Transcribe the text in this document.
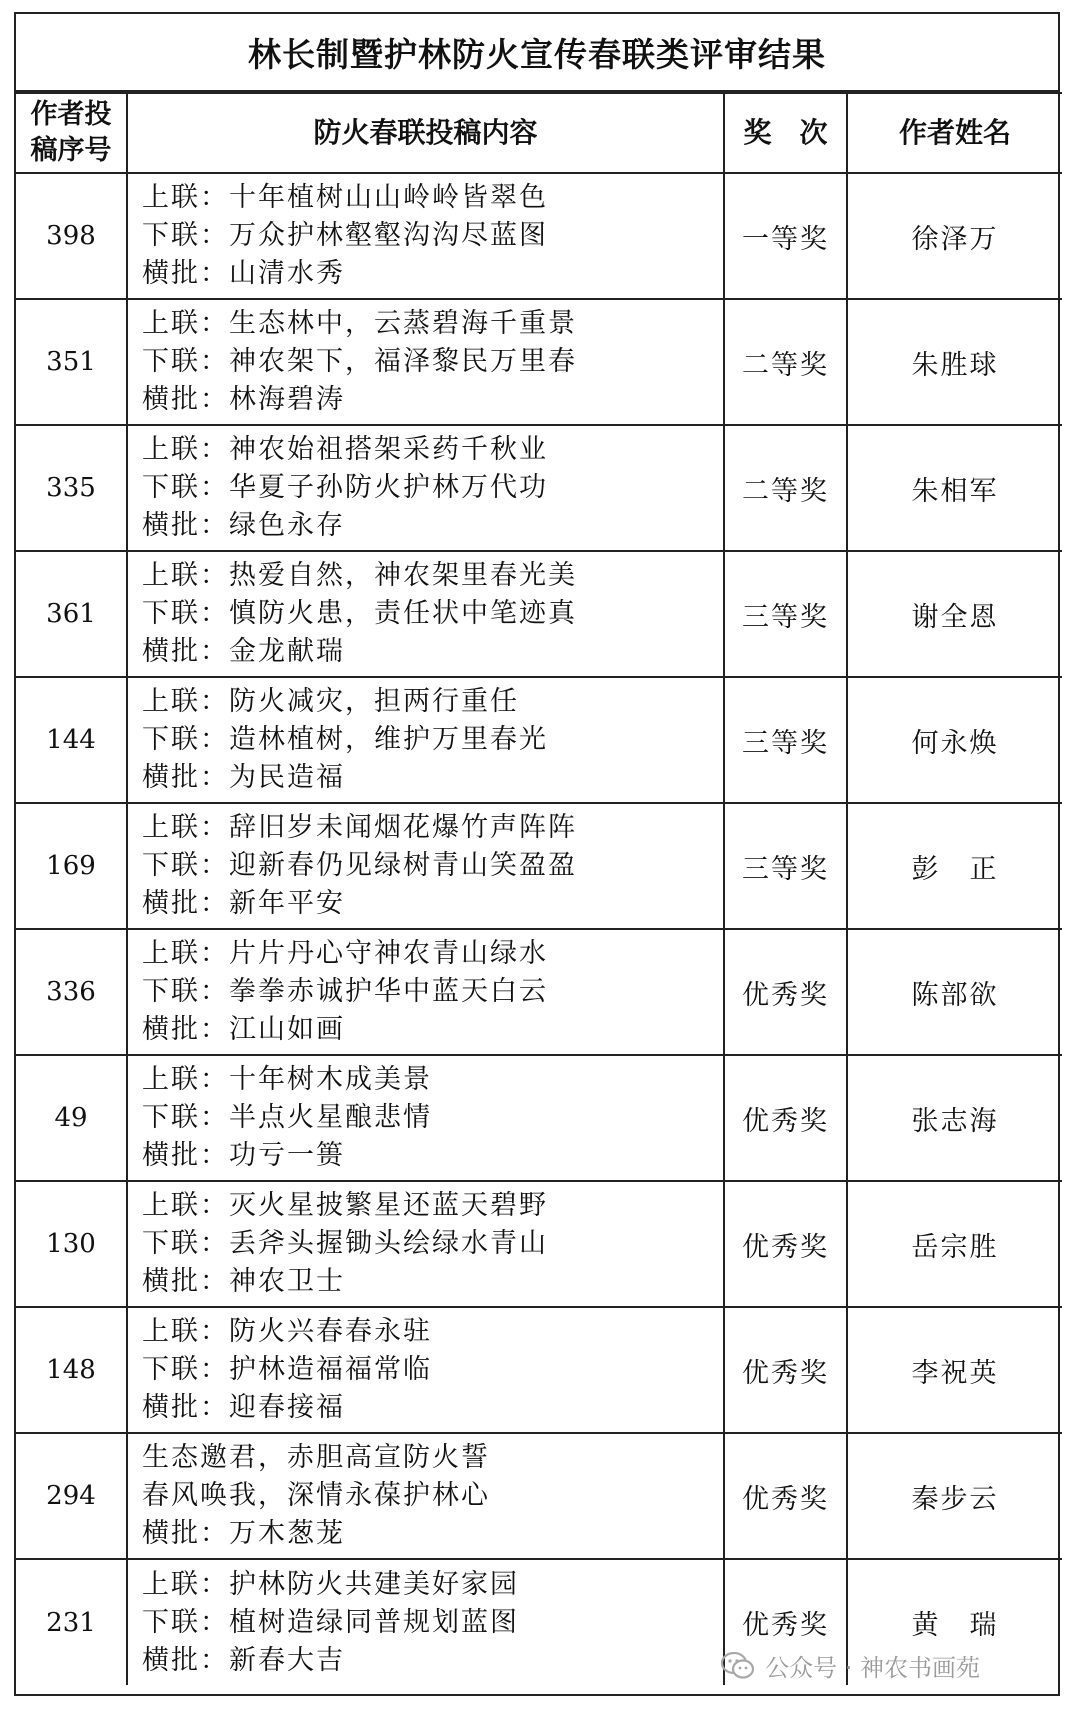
林长制暨护林防火宣传春联类评审结果
作者投
稿序号	防火春联投稿内容	奖　次	作者姓名
398	上联：十年植树山山岭岭皆翠色
下联：万众护林壑壑沟沟尽蓝图
横批：山清水秀	一等奖	徐泽万
351	上联：生态林中，云蒸碧海千重景
下联：神农架下，福泽黎民万里春
横批：林海碧涛	二等奖	朱胜球
335	上联：神农始祖搭架采药千秋业
下联：华夏子孙防火护林万代功
横批：绿色永存	二等奖	朱相军
361	上联：热爱自然，神农架里春光美
下联：慎防火患，责任状中笔迹真
横批：金龙献瑞	三等奖	谢全恩
144	上联：防火减灾，担两行重任
下联：造林植树，维护万里春光
横批：为民造福	三等奖	何永焕
169	上联：辞旧岁未闻烟花爆竹声阵阵
下联：迎新春仍见绿树青山笑盈盈
横批：新年平安	三等奖	彭　正
336	上联：片片丹心守神农青山绿水
下联：拳拳赤诚护华中蓝天白云
横批：江山如画	优秀奖	陈部欲
49	上联：十年树木成美景
下联：半点火星酿悲情
横批：功亏一篑	优秀奖	张志海
130	上联：灭火星披繁星还蓝天碧野
下联：丢斧头握锄头绘绿水青山
横批：神农卫士	优秀奖	岳宗胜
148	上联：防火兴春春永驻
下联：护林造福福常临
横批：迎春接福	优秀奖	李祝英
294	生态邀君，赤胆高宣防火誓
春风唤我，深情永葆护林心
横批：万木葱茏	优秀奖	秦步云
231	上联：护林防火共建美好家园
下联：植树造绿同普规划蓝图
横批：新春大吉	优秀奖	黄　瑞
公众号 · 神农书画苑
